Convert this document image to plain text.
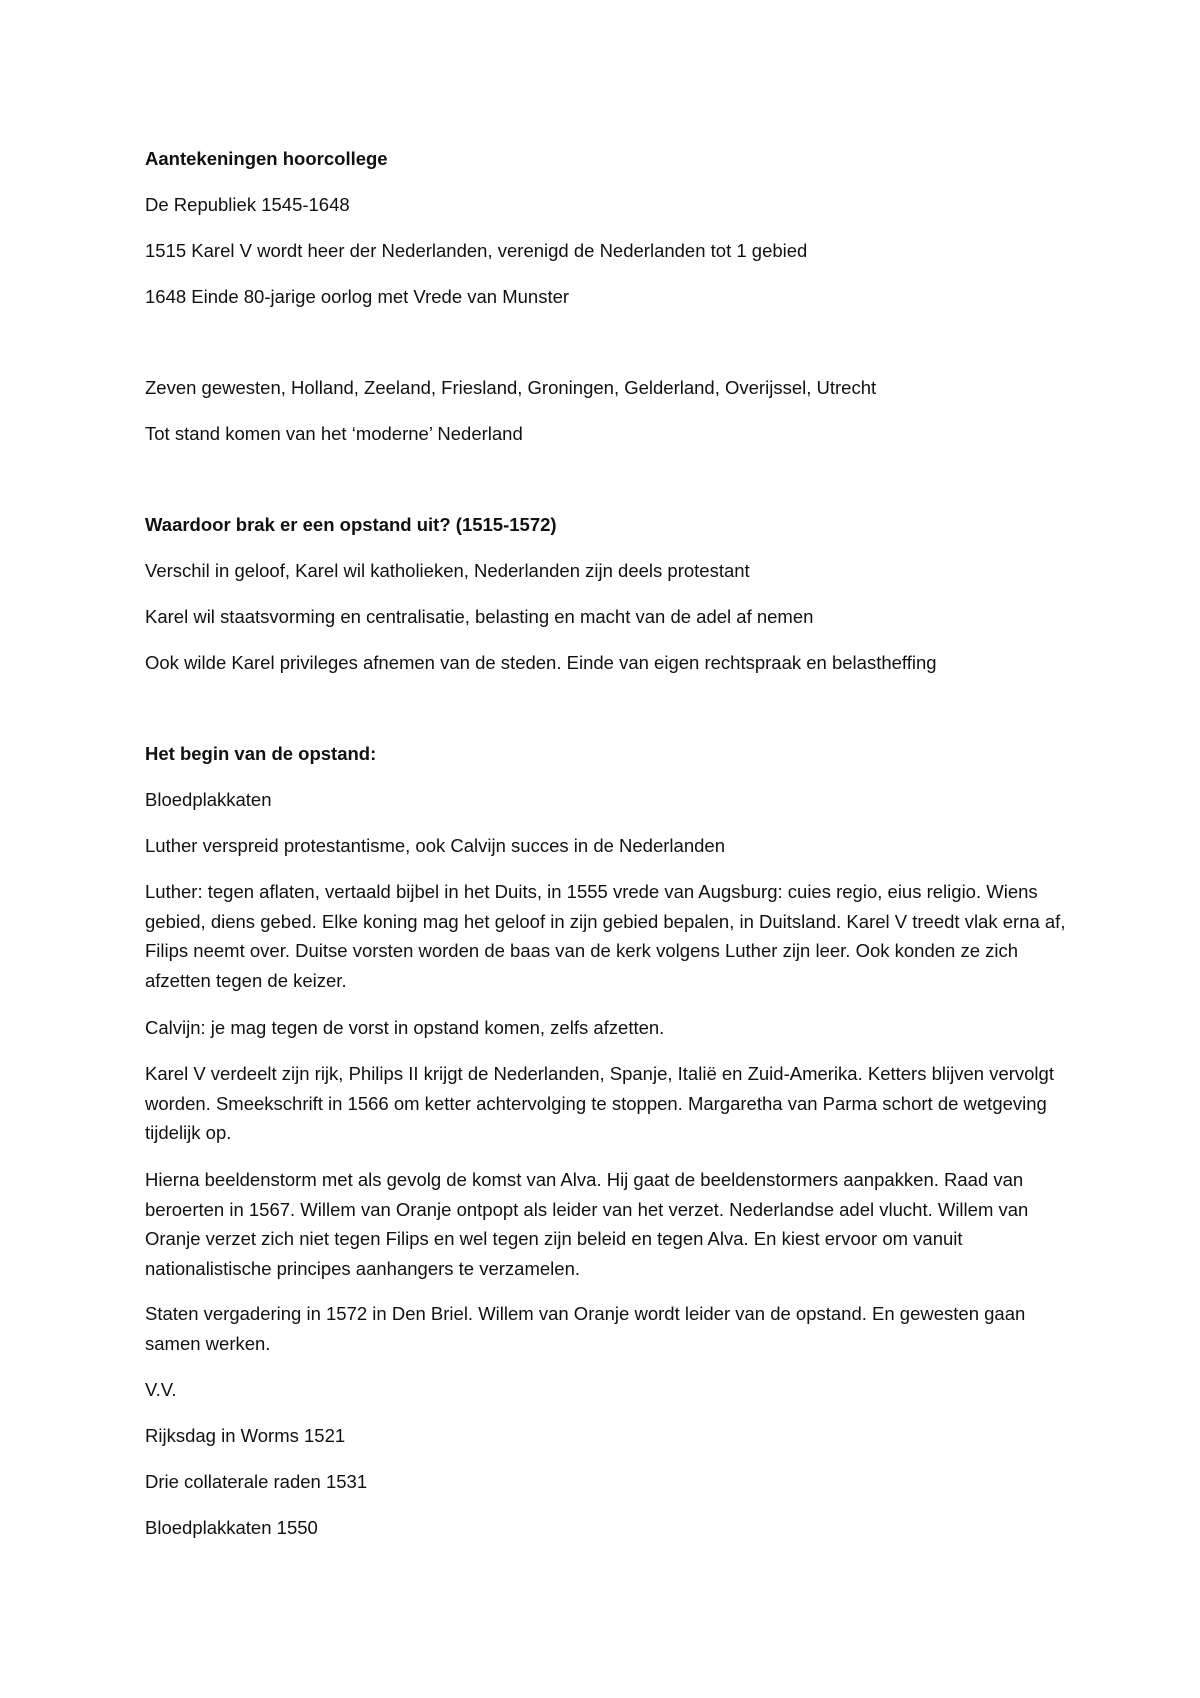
Aantekeningen hoorcollege

De Republiek 1545-1648

1515 Karel V wordt heer der Nederlanden, verenigd de Nederlanden tot 1 gebied

1648 Einde 80-jarige oorlog met Vrede van Munster

Zeven gewesten, Holland, Zeeland, Friesland, Groningen, Gelderland, Overijssel, Utrecht

Tot stand komen van het ‘moderne’ Nederland

Waardoor brak er een opstand uit? (1515-1572)

Verschil in geloof, Karel wil katholieken, Nederlanden zijn deels protestant

Karel wil staatsvorming en centralisatie, belasting en macht van de adel af nemen

Ook wilde Karel privileges afnemen van de steden. Einde van eigen rechtspraak en belastheffing

Het begin van de opstand:

Bloedplakkaten

Luther verspreid protestantisme, ook Calvijn succes in de Nederlanden

Luther: tegen aflaten, vertaald bijbel in het Duits, in 1555 vrede van Augsburg: cuies regio, eius religio. Wiens gebied, diens gebed. Elke koning mag het geloof in zijn gebied bepalen, in Duitsland. Karel V treedt vlak erna af, Filips neemt over. Duitse vorsten worden de baas van de kerk volgens Luther zijn leer. Ook konden ze zich afzetten tegen de keizer.

Calvijn: je mag tegen de vorst in opstand komen, zelfs afzetten.

Karel V verdeelt zijn rijk, Philips II krijgt de Nederlanden, Spanje, Italië en Zuid-Amerika. Ketters blijven vervolgt worden. Smeekschrift in 1566 om ketter achtervolging te stoppen. Margaretha van Parma schort de wetgeving tijdelijk op.

Hierna beeldenstorm met als gevolg de komst van Alva. Hij gaat de beeldenstormers aanpakken. Raad van beroerten in 1567. Willem van Oranje ontpopt als leider van het verzet. Nederlandse adel vlucht. Willem van Oranje verzet zich niet tegen Filips en wel tegen zijn beleid en tegen Alva. En kiest ervoor om vanuit nationalistische principes aanhangers te verzamelen.

Staten vergadering in 1572 in Den Briel. Willem van Oranje wordt leider van de opstand. En gewesten gaan samen werken.

V.V.

Rijksdag in Worms 1521

Drie collaterale raden 1531

Bloedplakkaten 1550
